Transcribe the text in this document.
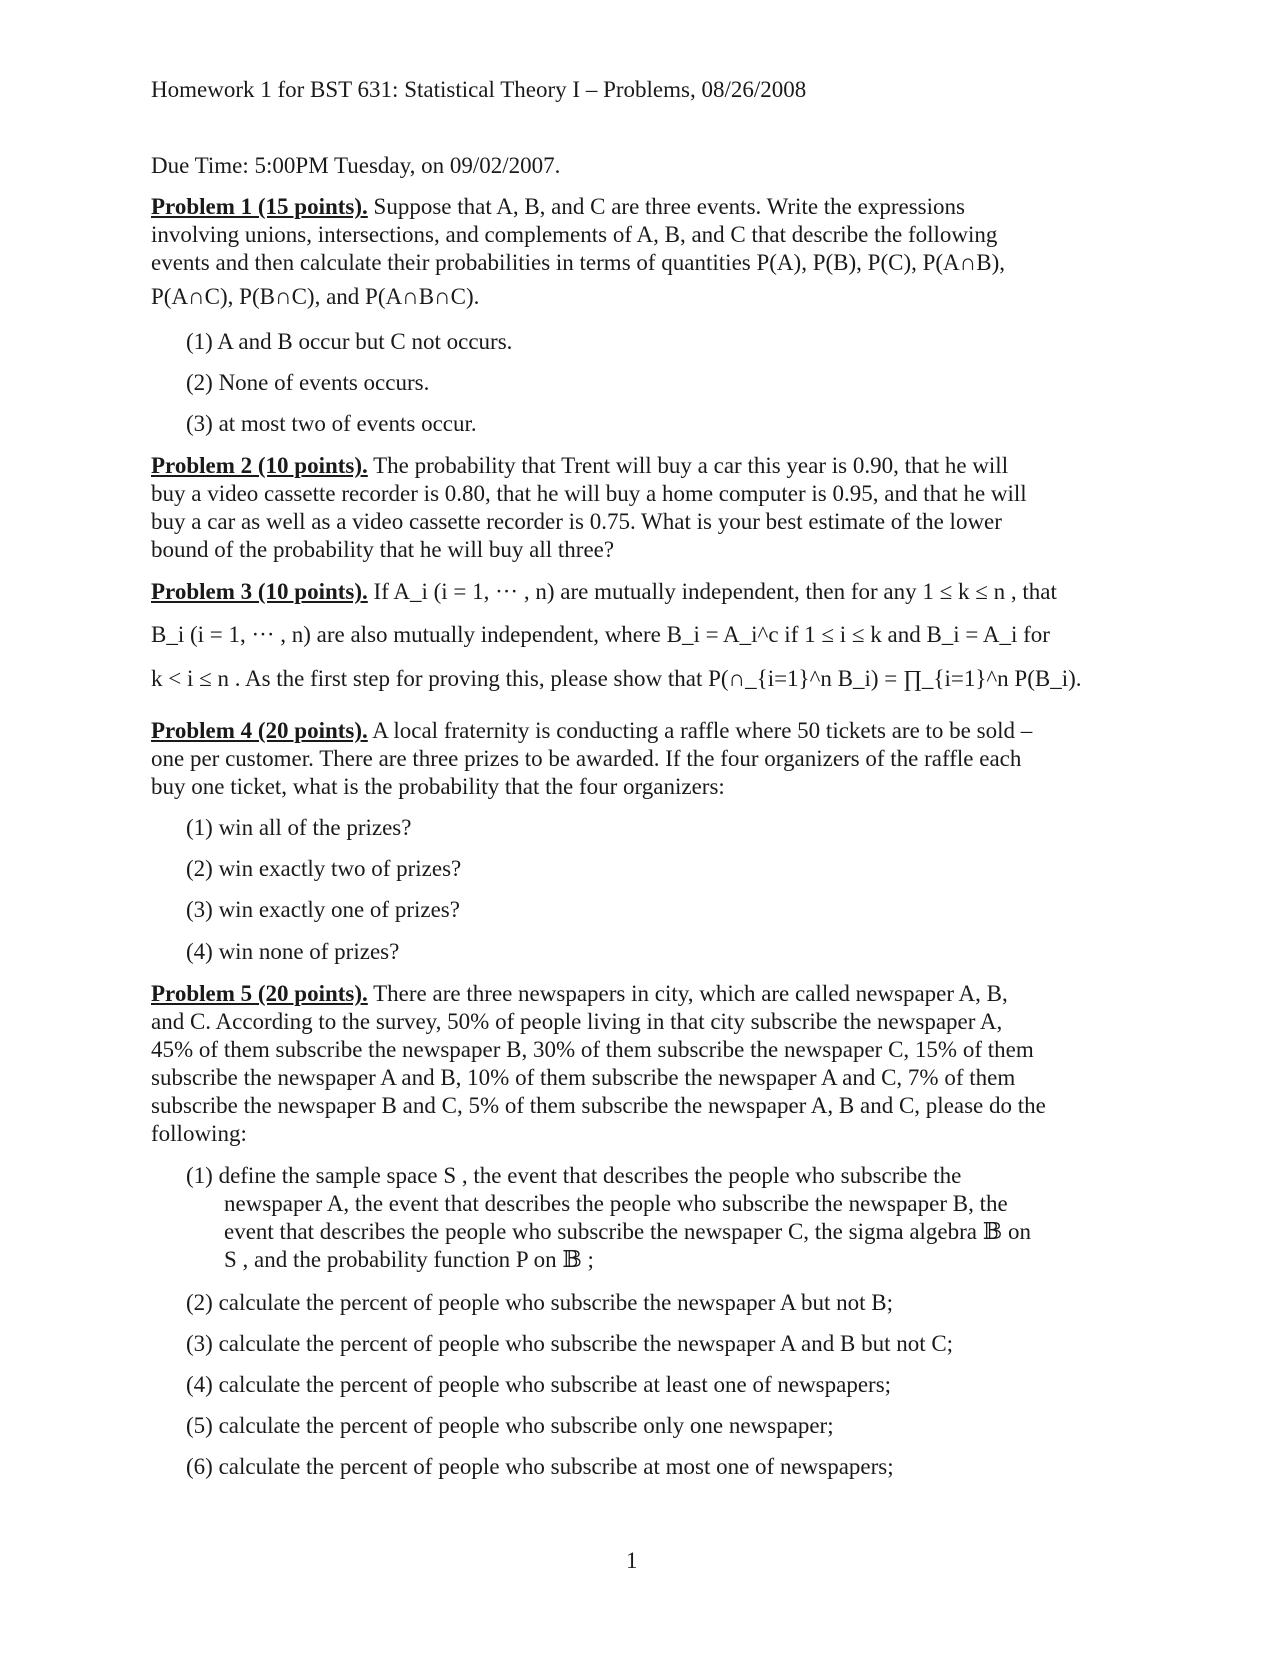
Homework 1 for BST 631: Statistical Theory I – Problems, 08/26/2008
Due Time: 5:00PM Tuesday, on 09/02/2007.
Problem 1 (15 points). Suppose that A, B, and C are three events. Write the expressions
involving unions, intersections, and complements of A, B, and C that describe the following
events and then calculate their probabilities in terms of quantities P(A), P(B), P(C), P(A∩B),
P(A∩C), P(B∩C), and P(A∩B∩C).
(1) A and B occur but C not occurs.
(2) None of events occurs.
(3) at most two of events occur.
Problem 2 (10 points). The probability that Trent will buy a car this year is 0.90, that he will
buy a video cassette recorder is 0.80, that he will buy a home computer is 0.95, and that he will
buy a car as well as a video cassette recorder is 0.75. What is your best estimate of the lower
bound of the probability that he will buy all three?
Problem 3 (10 points). If A_i (i = 1, ··· , n) are mutually independent, then for any 1 ≤ k ≤ n , that
B_i (i = 1, ··· , n) are also mutually independent, where B_i = A_i^c if 1 ≤ i ≤ k and B_i = A_i for
k < i ≤ n . As the first step for proving this, please show that P(∩_{i=1}^n B_i) = ∏_{i=1}^n P(B_i).
Problem 4 (20 points). A local fraternity is conducting a raffle where 50 tickets are to be sold –
one per customer. There are three prizes to be awarded. If the four organizers of the raffle each
buy one ticket, what is the probability that the four organizers:
(1) win all of the prizes?
(2) win exactly two of prizes?
(3) win exactly one of prizes?
(4) win none of prizes?
Problem 5 (20 points). There are three newspapers in city, which are called newspaper A, B,
and C. According to the survey, 50% of people living in that city subscribe the newspaper A,
45% of them subscribe the newspaper B, 30% of them subscribe the newspaper C, 15% of them
subscribe the newspaper A and B, 10% of them subscribe the newspaper A and C, 7% of them
subscribe the newspaper B and C, 5% of them subscribe the newspaper A, B and C, please do the
following:
(1) define the sample space S , the event that describes the people who subscribe the
newspaper A, the event that describes the people who subscribe the newspaper B, the
event that describes the people who subscribe the newspaper C, the sigma algebra 𝔹 on
S , and the probability function P on 𝔹 ;
(2) calculate the percent of people who subscribe the newspaper A but not B;
(3) calculate the percent of people who subscribe the newspaper A and B but not C;
(4) calculate the percent of people who subscribe at least one of newspapers;
(5) calculate the percent of people who subscribe only one newspaper;
(6) calculate the percent of people who subscribe at most one of newspapers;
1
